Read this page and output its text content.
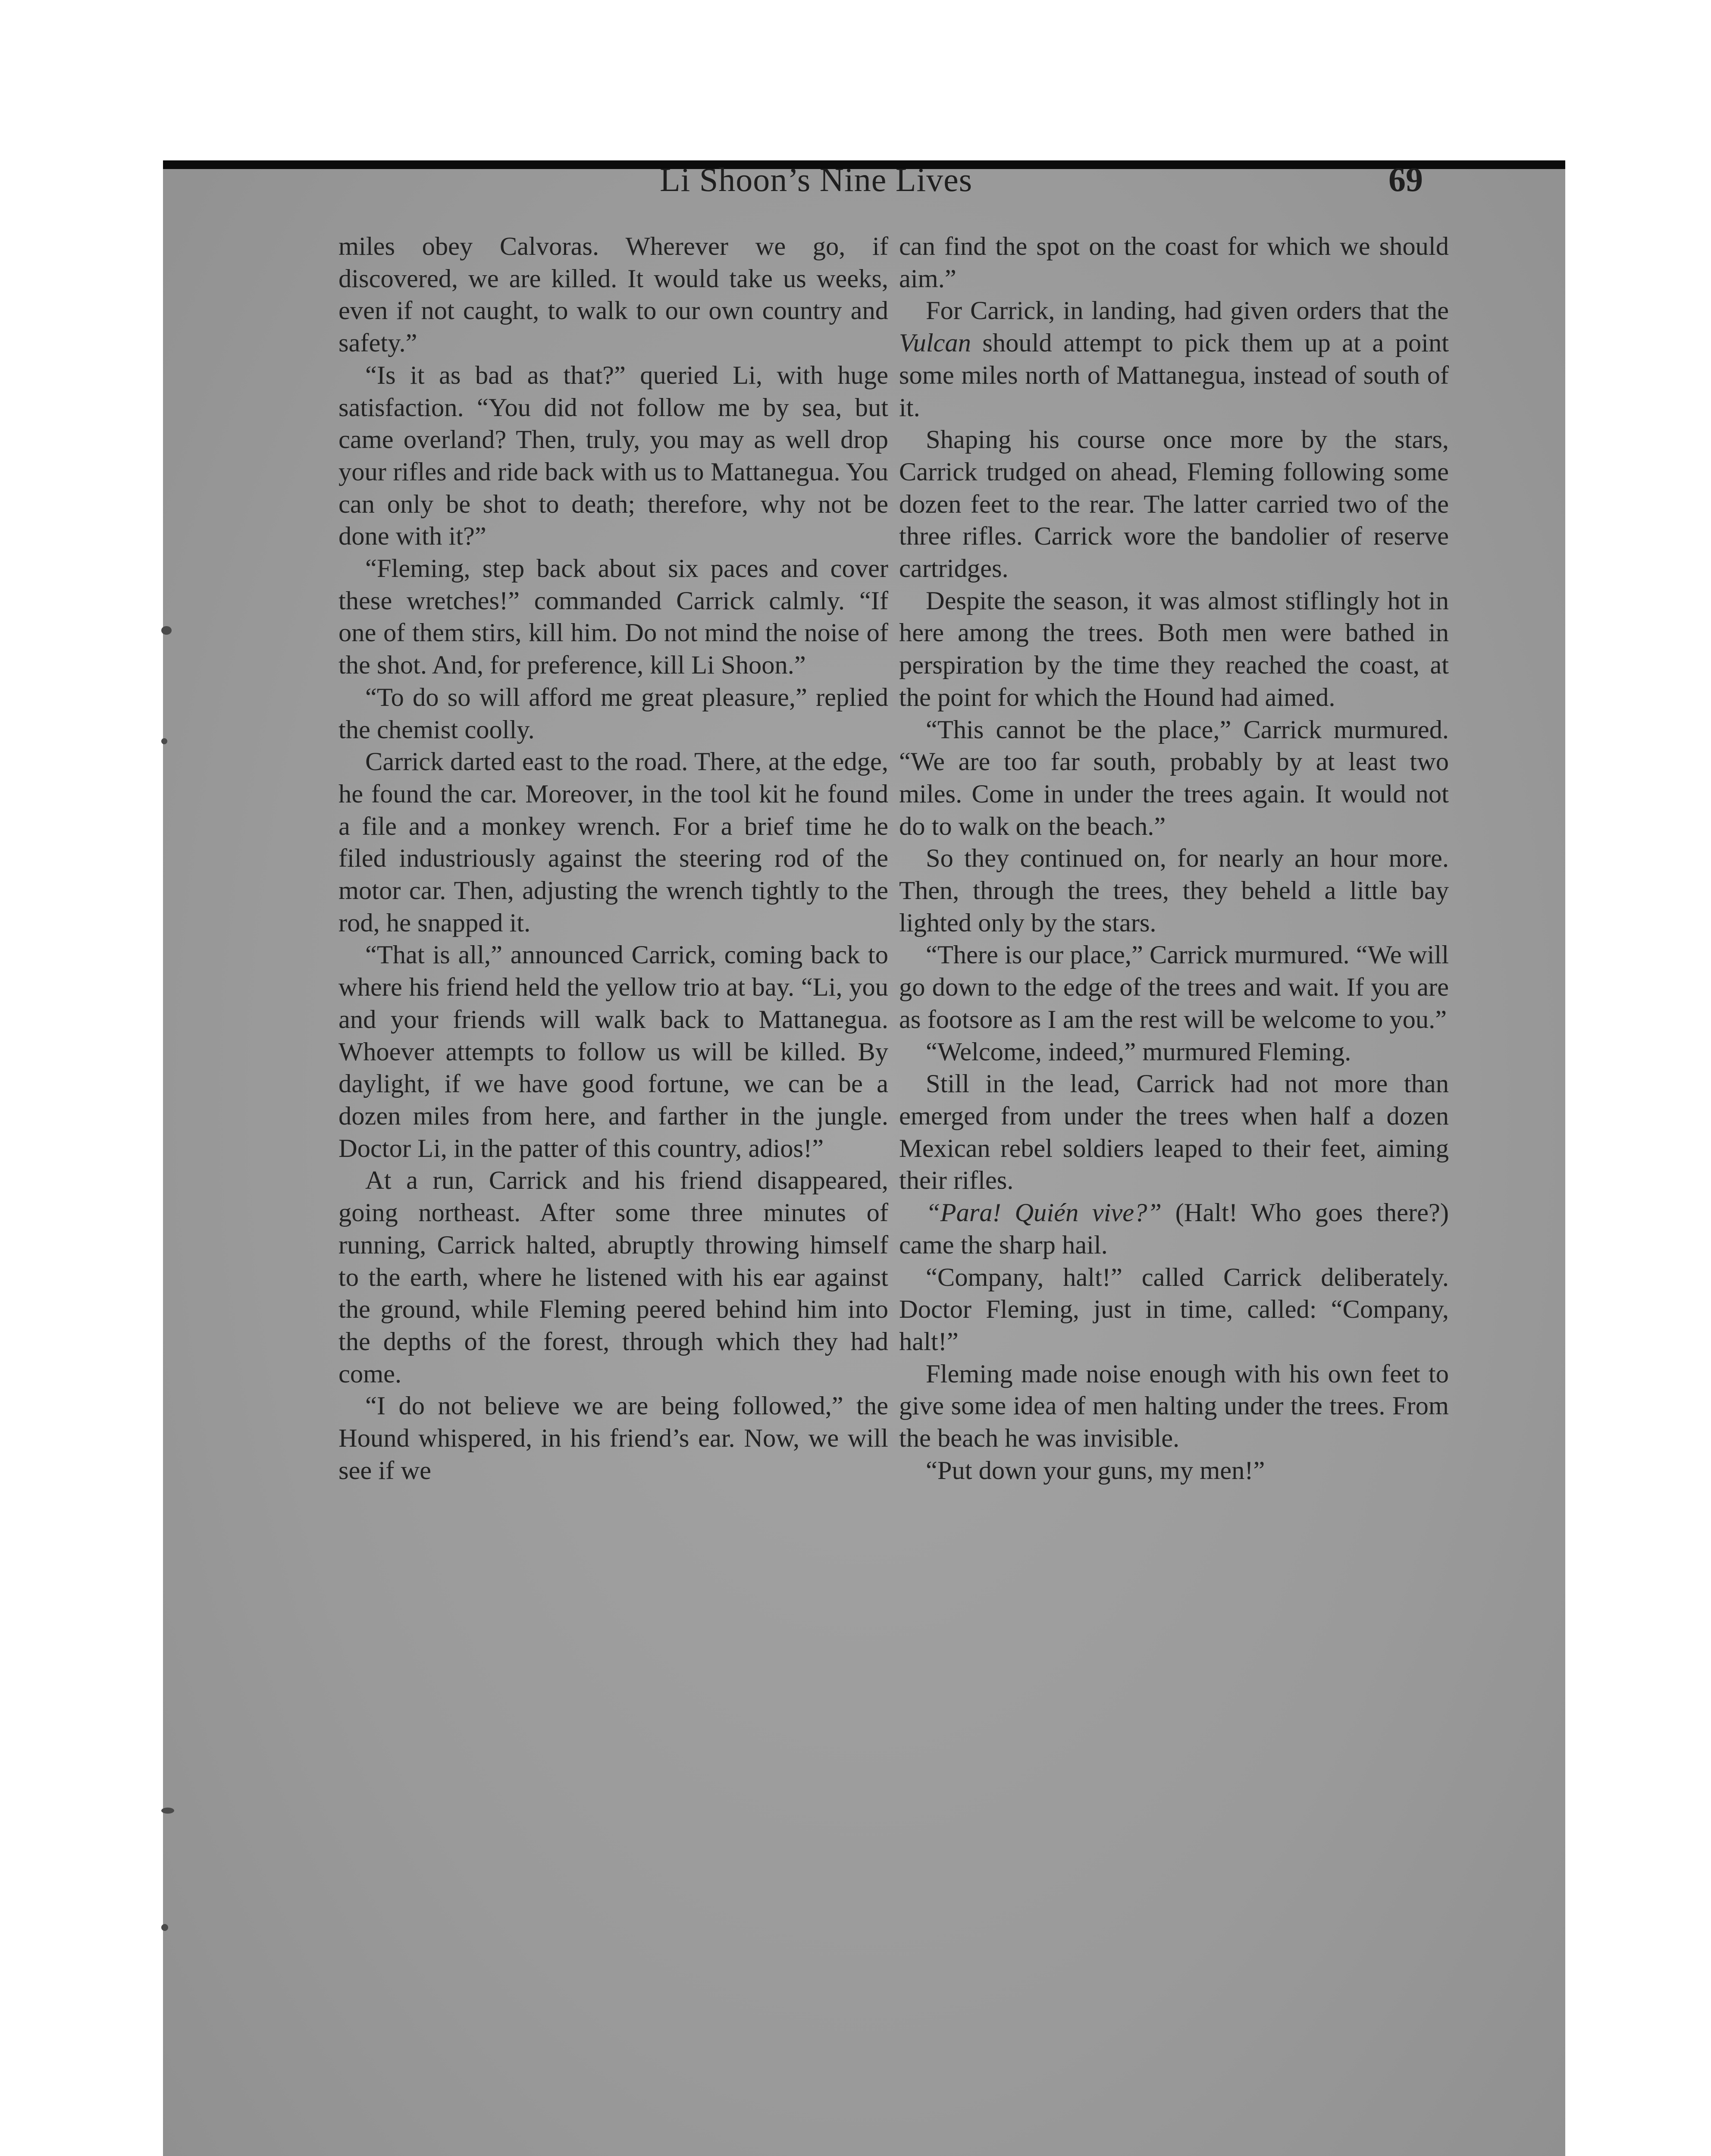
Li Shoon’s Nine Lives	69

miles obey Calvoras. Wherever we go, if discovered, we are killed. It would take us weeks, even if not caught, to walk to our own country and safety.”

“Is it as bad as that?” queried Li, with huge satisfaction. “You did not follow me by sea, but came overland? Then, truly, you may as well drop your rifles and ride back with us to Mattanegua. You can only be shot to death; therefore, why not be done with it?”

“Fleming, step back about six paces and cover these wretches!” commanded Carrick calmly. “If one of them stirs, kill him. Do not mind the noise of the shot. And, for preference, kill Li Shoon.”

“To do so will afford me great pleasure,” replied the chemist coolly.

Carrick darted east to the road. There, at the edge, he found the car. Moreover, in the tool kit he found a file and a monkey wrench. For a brief time he filed industriously against the steering rod of the motor car. Then, adjusting the wrench tightly to the rod, he snapped it.

“That is all,” announced Carrick, coming back to where his friend held the yellow trio at bay. “Li, you and your friends will walk back to Mattanegua. Whoever attempts to follow us will be killed. By daylight, if we have good fortune, we can be a dozen miles from here, and farther in the jungle. Doctor Li, in the patter of this country, adios!”

At a run, Carrick and his friend disappeared, going northeast. After some three minutes of running, Carrick halted, abruptly throwing himself to the earth, where he listened with his ear against the ground, while Fleming peered behind him into the depths of the forest, through which they had come.

“I do not believe we are being followed,” the Hound whispered, in his friend’s ear. Now, we will see if we

can find the spot on the coast for which we should aim.”

For Carrick, in landing, had given orders that the Vulcan should attempt to pick them up at a point some miles north of Mattanegua, instead of south of it.

Shaping his course once more by the stars, Carrick trudged on ahead, Fleming following some dozen feet to the rear. The latter carried two of the three rifles. Carrick wore the bandolier of reserve cartridges.

Despite the season, it was almost stiflingly hot in here among the trees. Both men were bathed in perspiration by the time they reached the coast, at the point for which the Hound had aimed.

“This cannot be the place,” Carrick murmured. “We are too far south, probably by at least two miles. Come in under the trees again. It would not do to walk on the beach.”

So they continued on, for nearly an hour more. Then, through the trees, they beheld a little bay lighted only by the stars.

“There is our place,” Carrick murmured. “We will go down to the edge of the trees and wait. If you are as footsore as I am the rest will be welcome to you.”

“Welcome, indeed,” murmured Fleming.

Still in the lead, Carrick had not more than emerged from under the trees when half a dozen Mexican rebel soldiers leaped to their feet, aiming their rifles.

“Para! Quién vive?” (Halt! Who goes there?) came the sharp hail.

“Company, halt!” called Carrick deliberately. Doctor Fleming, just in time, called: “Company, halt!”

Fleming made noise enough with his own feet to give some idea of men halting under the trees. From the beach he was invisible.

“Put down your guns, my men!”
